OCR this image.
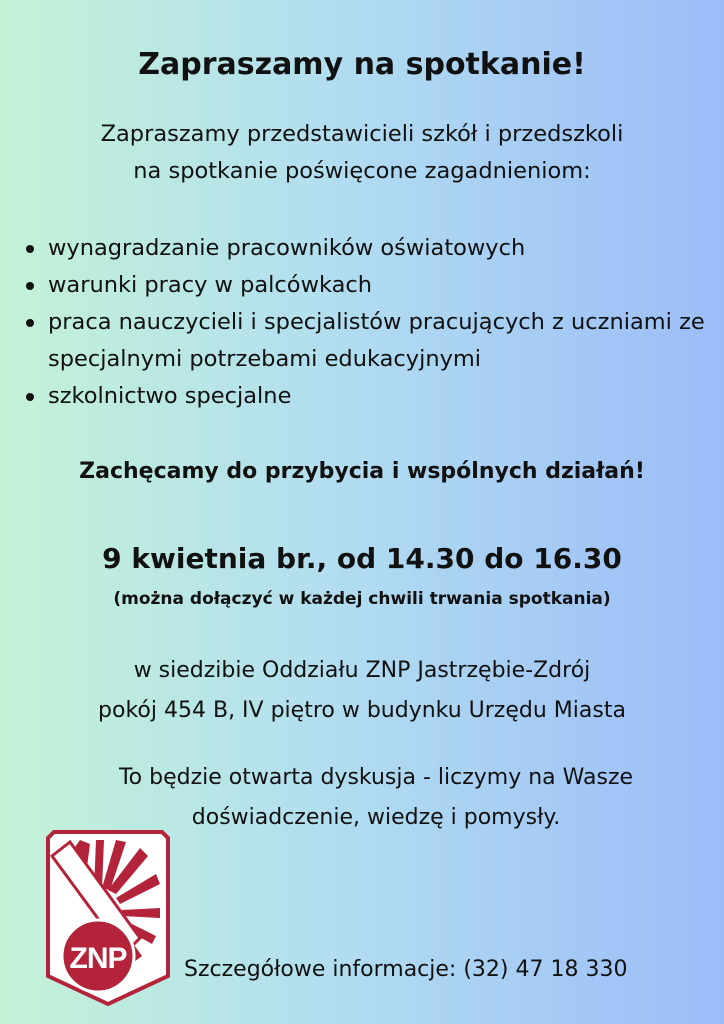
Zapraszamy na spotkanie!

Zapraszamy przedstawicieli szkół i przedszkoli
na spotkanie poświęcone zagadnieniom:

wynagradzanie pracowników oświatowych
warunki pracy w palcówkach
praca nauczycieli i specjalistów pracujących z uczniami ze specjalnymi potrzebami edukacyjnymi
szkolnictwo specjalne

Zachęcamy do przybycia i wspólnych działań!

9 kwietnia br., od 14.30 do 16.30

(można dołączyć w każdej chwili trwania spotkania)

w siedzibie Oddziału ZNP Jastrzębie-Zdrój
pokój 454 B, IV piętro w budynku Urzędu Miasta

To będzie otwarta dyskusja - liczymy na Wasze
doświadczenie, wiedzę i pomysły.

ZNP	Szczegółowe informacje: (32) 47 18 330
